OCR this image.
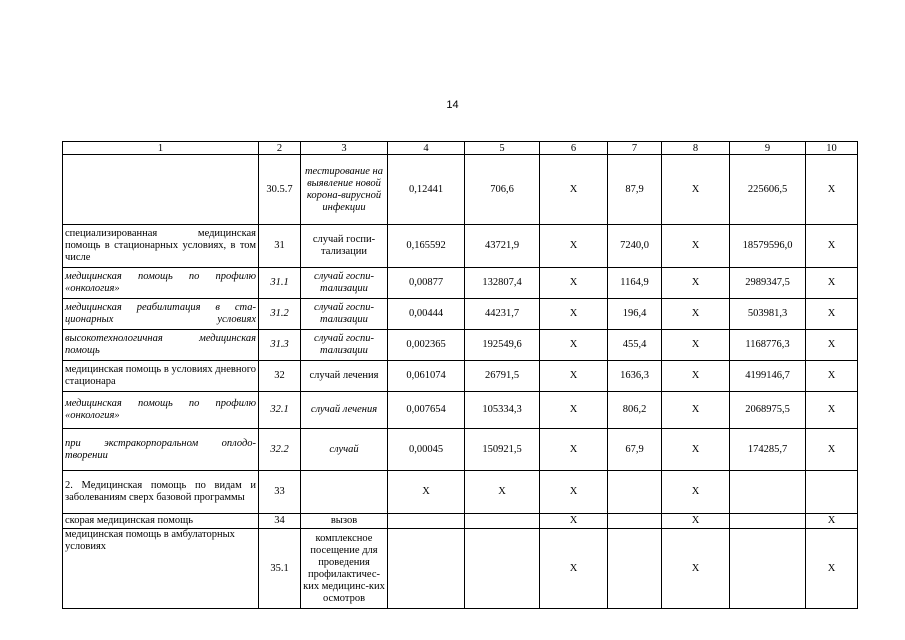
14
1	2	3	4	5	6	7	8	9	10
	30.5.7	тестирование на выявление новой корона-вирусной инфекции	0,12441	706,6	X	87,9	X	225606,5	X
специализированная медицинская помощь в стационарных условиях, в том числе	31	случай госпи-тализации	0,165592	43721,9	X	7240,0	X	18579596,0	X
медицинская помощь по профилю «онкология»	31.1	случай госпи-тализации	0,00877	132807,4	X	1164,9	X	2989347,5	X
медицинская реабилитация в ста-ционарных условиях	31.2	случай госпи-тализации	0,00444	44231,7	X	196,4	X	503981,3	X
высокотехнологичная медицинская помощь	31.3	случай госпи-тализации	0,002365	192549,6	X	455,4	X	1168776,3	X
медицинская помощь в условиях дневного стационара	32	случай лечения	0,061074	26791,5	X	1636,3	X	4199146,7	X
медицинская помощь по профилю «онкология»	32.1	случай лечения	0,007654	105334,3	X	806,2	X	2068975,5	X
при экстракорпоральном оплодо-творении	32.2	случай	0,00045	150921,5	X	67,9	X	174285,7	X
2. Медицинская помощь по видам и заболеваниям сверх базовой программы	33		X	X	X		X		
скорая медицинская помощь	34	вызов			X		X		X
медицинская помощь в амбулаторных условиях	35.1	комплексное посещение для проведения профилактичес-ких медицинс-ких осмотров			X		X		X
